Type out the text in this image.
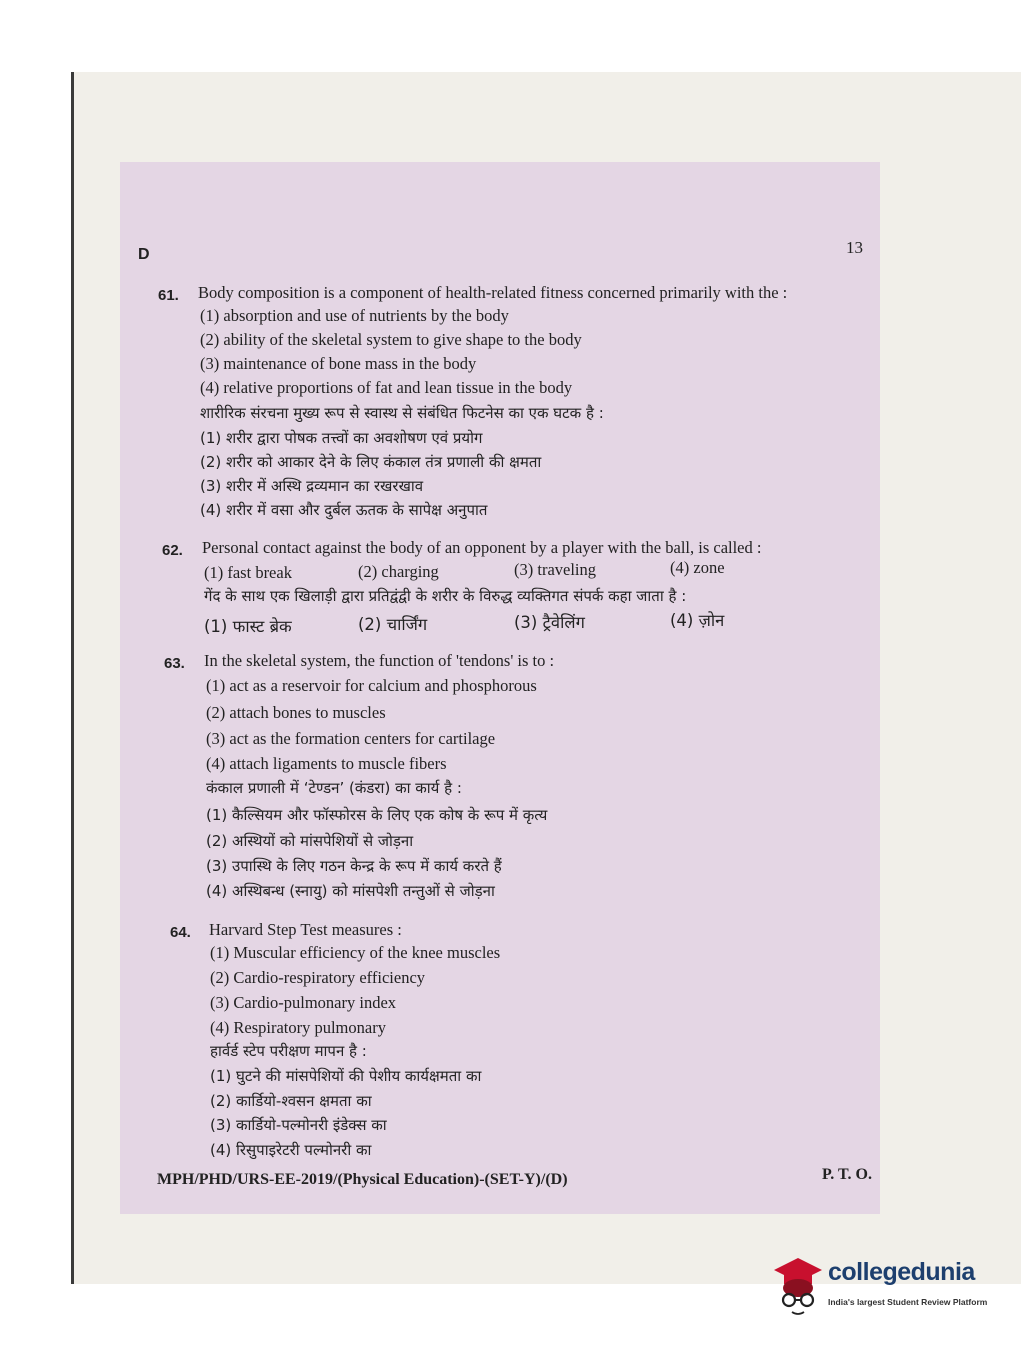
D	13
61. Body composition is a component of health-related fitness concerned primarily with the :
(1) absorption and use of nutrients by the body
(2) ability of the skeletal system to give shape to the body
(3) maintenance of bone mass in the body
(4) relative proportions of fat and lean tissue in the body
शारीरिक संरचना मुख्य रूप से स्वास्थ से संबंधित फिटनेस का एक घटक है :
(1) शरीर द्वारा पोषक तत्त्वों का अवशोषण एवं प्रयोग
(2) शरीर को आकार देने के लिए कंकाल तंत्र प्रणाली की क्षमता
(3) शरीर में अस्थि द्रव्यमान का रखरखाव
(4) शरीर में वसा और दुर्बल ऊतक के सापेक्ष अनुपात
62. Personal contact against the body of an opponent by a player with the ball, is called :
(1) fast break	(2) charging	(3) traveling	(4) zone
गेंद के साथ एक खिलाड़ी द्वारा प्रतिद्वंद्वी के शरीर के विरुद्ध व्यक्तिगत संपर्क कहा जाता है :
(1) फास्ट ब्रेक	(2) चार्जिंग	(3) ट्रैवेलिंग	(4) ज़ोन
63. In the skeletal system, the function of 'tendons' is to :
(1) act as a reservoir for calcium and phosphorous
(2) attach bones to muscles
(3) act as the formation centers for cartilage
(4) attach ligaments to muscle fibers
कंकाल प्रणाली में ‘टेण्डन’ (कंडरा) का कार्य है :
(1) कैल्सियम और फॉस्फोरस के लिए एक कोष के रूप में कृत्य
(2) अस्थियों को मांसपेशियों से जोड़ना
(3) उपास्थि के लिए गठन केन्द्र के रूप में कार्य करते हैं
(4) अस्थिबन्ध (स्नायु) को मांसपेशी तन्तुओं से जोड़ना
64. Harvard Step Test measures :
(1) Muscular efficiency of the knee muscles
(2) Cardio-respiratory efficiency
(3) Cardio-pulmonary index
(4) Respiratory pulmonary
हार्वर्ड स्टेप परीक्षण मापन है :
(1) घुटने की मांसपेशियों की पेशीय कार्यक्षमता का
(2) कार्डियो-श्वसन क्षमता का
(3) कार्डियो-पल्मोनरी इंडेक्स का
(4) रिसुपाइरेटरी पल्मोनरी का
MPH/PHD/URS-EE-2019/(Physical Education)-(SET-Y)/(D)	P. T. O.
collegedunia
India's largest Student Review Platform
